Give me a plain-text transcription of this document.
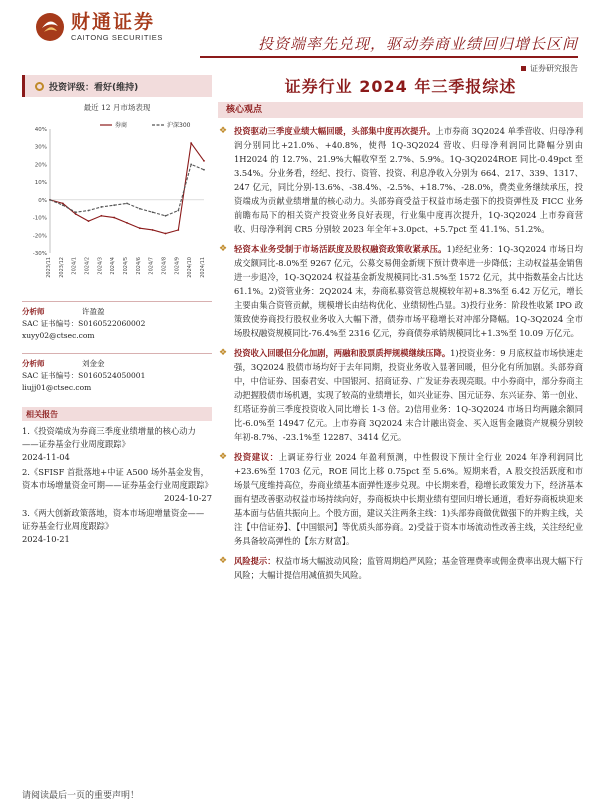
财通证券
CAITONG SECURITIES	投资端率先兑现，驱动券商业绩回归增长区间
证券研究报告
投资评级：看好(维持)
最近 12 月市场表现
40%
30%
20%
10%
0%
-10%
-20%
-30%
2023/11 2023/12 2024/1 2024/2 2024/3 2024/4 2024/5 2024/6 2024/7 2024/8 2024/9 2024/10 2024/11
券商	沪深300
分析师	许盈盈
SAC 证书编号：S0160522060002
xuyy02@ctsec.com
分析师	刘金金
SAC 证书编号：S0160524050001
liujj01@ctsec.com
相关报告
1.《投资端成为券商三季度业绩增量的核心动力——证券基金行业周度跟踪》
2024-11-04
2.《SFISF 首批落地+中证 A500 场外基金发售，资本市场增量资金可期——证券基金行业周度跟踪》
2024-10-27
3.《两大创新政策落地，资本市场迎增量资金——证券基金行业周度跟踪》
2024-10-21
证券行业 2024 年三季报综述
核心观点
❖ 投资驱动三季度业绩大幅回暖，头部集中度再次提升。上市券商 3Q2024 单季营收、归母净利润分别同比+21.0%、+40.8%，使得 1Q-3Q2024 营收、归母净利润同比降幅分别由 1H2024 的 12.7%、21.9%大幅收窄至 2.7%、5.9%。1Q-3Q2024ROE 同比-0.49pct 至 3.54%。分业务看，经纪、投行、资管、投资、利息净收入分别为 664、217、339、1317、247 亿元，同比分别-13.6%、-38.4%、-2.5%、+18.7%、-28.0%，费类业务继续承压，投资端成为贡献业绩增量的核心动力。头部券商受益于权益市场走强下的投资弹性及 FICC 业务前瞻布局下的相关资产投资业务良好表现，行业集中度再次提升，1Q-3Q2024 上市券商营收、归母净利润 CR5 分别较 2023 年全年+3.0pct、+5.7pct 至 41.1%、51.2%。
❖ 轻资本业务受制于市场活跃度及股权融资政策收紧承压。1)经纪业务：1Q-3Q2024 市场日均成交额同比-8.0%至 9267 亿元，公募交易佣金新规下预计费率进一步降低；主动权益基金销售进一步退冷，1Q-3Q2024 权益基金新发规模同比-31.5%至 1572 亿元，其中指数基金占比达 61.1%。2)资管业务：2Q2024 末，券商私募资管总规模较年初+8.3%至 6.42 万亿元，增长主要由集合资管贡献，规模增长由结构优化、业绩韧性凸显。3)投行业务：阶段性收紧 IPO 政策致使券商投行股权业务收入大幅下滑，债券市场平稳增长对冲部分降幅。1Q-3Q2024 全市场股权融资规模同比-76.4%至 2316 亿元，券商债券承销规模同比+1.3%至 10.09 万亿元。
❖ 投资收入回暖但分化加剧，两融和股票质押规模继续压降。1)投资业务：9 月底权益市场快速走强，3Q2024 股债市场均好于去年同期，投资业务收入显著回暖，但分化有所加剧。头部券商中，中信证券、国泰君安、中国银河、招商证券、广发证券表现亮眼。中小券商中，部分券商主动把握股债市场机遇，实现了较高的业绩增长，如兴业证券、国元证券、东兴证券、第一创业、红塔证券前三季度投资收入同比增长 1-3 倍。2)信用业务：1Q-3Q2024 市场日均两融余额同比-6.0%至 14947 亿元。上市券商 3Q2024 末合计融出资金、买入返售金融资产规模分别较年初-8.7%、-23.1%至 12287、3414 亿元。
❖ 投资建议：上调证券行业 2024 年盈利预测，中性假设下预计全行业 2024 年净利润同比+23.6%至 1703 亿元，ROE 同比上移 0.75pct 至 5.6%。短期来看，A 股交投活跃度和市场景气度维持高位，券商业绩基本面弹性逐步兑现。中长期来看，稳增长政策发力下，经济基本面有望改善驱动权益市场持续向好，券商板块中长期业绩有望回归增长通道，看好券商板块迎来基本面与估值共振向上。个股方面，建议关注两条主线：1)头部券商做优做强下的并购主线，关注【中信证券】、【中国银河】等优质头部券商。2)受益于资本市场流动性改善主线，关注经纪业务具备较高弹性的【东方财富】。
❖ 风险提示：权益市场大幅波动风险；监管周期趋严风险；基金管理费率或佣金费率出现大幅下行风险；大幅计提信用减值损失风险。
请阅读最后一页的重要声明！
